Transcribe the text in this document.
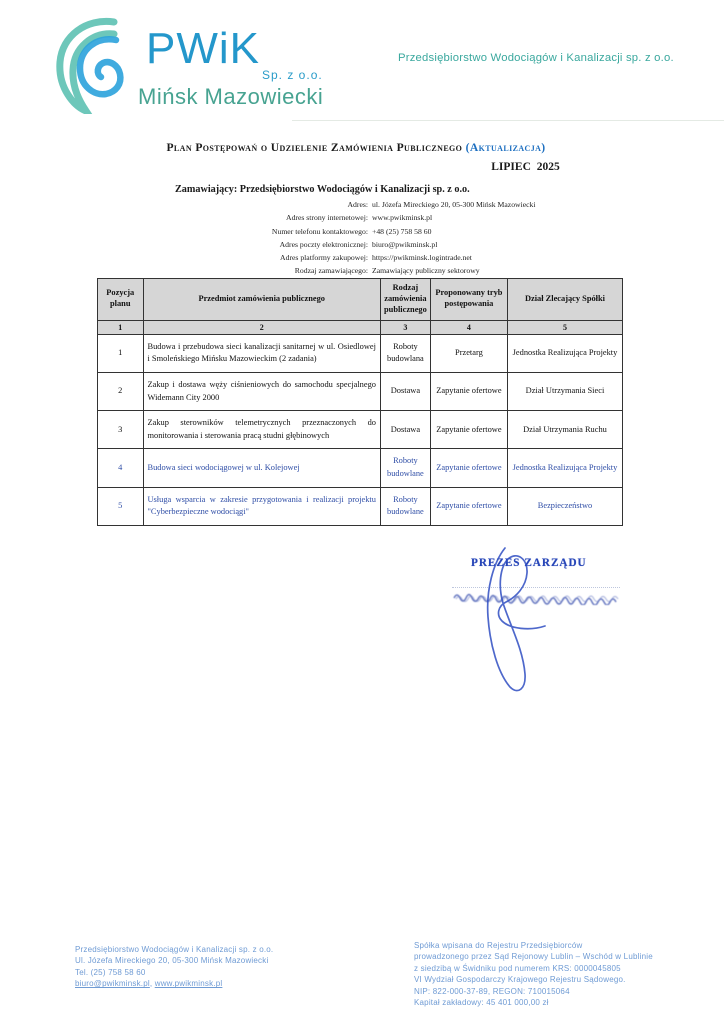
PWiK
Sp. z o.o.
Mińsk Mazowiecki
Przedsiębiorstwo Wodociągów i Kanalizacji sp. z o.o.
Plan Postępowań o Udzielenie Zamówienia Publicznego (Aktualizacja)
LIPIEC 2025
Zamawiający: Przedsiębiorstwo Wodociągów i Kanalizacji sp. z o.o.
Adres: ul. Józefa Mireckiego 20, 05-300 Mińsk Mazowiecki
Adres strony internetowej: www.pwikminsk.pl
Numer telefonu kontaktowego: +48 (25) 758 58 60
Adres poczty elektronicznej: biuro@pwikminsk.pl
Adres platformy zakupowej: https://pwikminsk.logintrade.net
Rodzaj zamawiającego: Zamawiający publiczny sektorowy
Pozycja planu	Przedmiot zamówienia publicznego	Rodzaj zamówienia publicznego	Proponowany tryb postępowania	Dział Zlecający Spółki
1	2	3	4	5
1	Budowa i przebudowa sieci kanalizacji sanitarnej w ul. Osiedlowej i Smoleńskiego Mińsku Mazowieckim (2 zadania)	Roboty budowlana	Przetarg	Jednostka Realizująca Projekty
2	Zakup i dostawa węży ciśnieniowych do samochodu specjalnego Widemann City 2000	Dostawa	Zapytanie ofertowe	Dział Utrzymania Sieci
3	Zakup sterowników telemetrycznych przeznaczonych do monitorowania i sterowania pracą studni głębinowych	Dostawa	Zapytanie ofertowe	Dział Utrzymania Ruchu
4	Budowa sieci wodociągowej w ul. Kolejowej	Roboty budowlane	Zapytanie ofertowe	Jednostka Realizująca Projekty
5	Usługa wsparcia w zakresie przygotowania i realizacji projektu "Cyberbezpieczne wodociągi"	Roboty budowlane	Zapytanie ofertowe	Bezpieczeństwo
PREZES ZARZĄDU
Przedsiębiorstwo Wodociągów i Kanalizacji sp. z o.o.
Ul. Józefa Mireckiego 20, 05-300 Mińsk Mazowiecki
Tel. (25) 758 58 60
biuro@pwikminsk.pl, www.pwikminsk.pl
Spółka wpisana do Rejestru Przedsiębiorców
prowadzonego przez Sąd Rejonowy Lublin – Wschód w Lublinie
z siedzibą w Świdniku pod numerem KRS: 0000045805
VI Wydział Gospodarczy Krajowego Rejestru Sądowego.
NIP: 822-000-37-89, REGON: 710015064
Kapitał zakładowy: 45 401 000,00 zł
